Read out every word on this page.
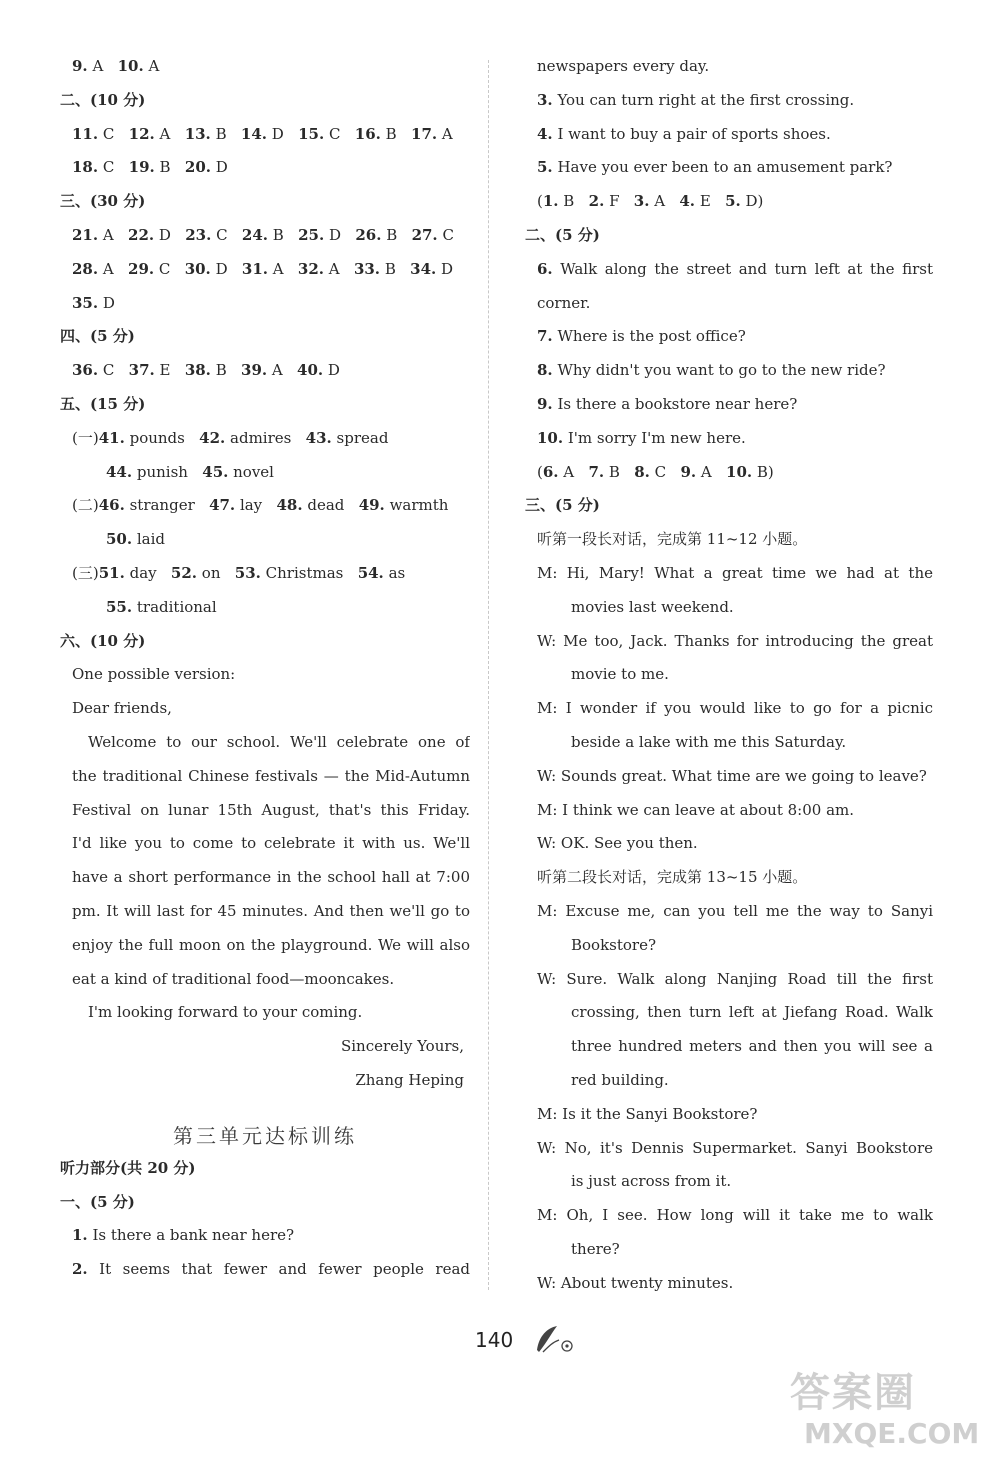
9. A   10. A
二、(10 分)
11. C   12. A   13. B   14. D   15. C   16. B   17. A
18. C   19. B   20. D
三、(30 分)
21. A   22. D   23. C   24. B   25. D   26. B   27. C
28. A   29. C   30. D   31. A   32. A   33. B   34. D
35. D
四、(5 分)
36. C   37. E   38. B   39. A   40. D
五、(15 分)
(一)41. pounds   42. admires   43. spread
44. punish   45. novel
(二)46. stranger   47. lay   48. dead   49. warmth
50. laid
(三)51. day   52. on   53. Christmas   54. as
55. traditional
六、(10 分)
One possible version:
Dear friends,
Welcome to our school. We'll celebrate one of
the traditional Chinese festivals — the Mid-Autumn
Festival on lunar 15th August, that's this Friday.
I'd like you to come to celebrate it with us. We'll
have a short performance in the school hall at 7:00
pm. It will last for 45 minutes. And then we'll go to
enjoy the full moon on the playground. We will also
eat a kind of traditional food—mooncakes.
I'm looking forward to your coming.
Sincerely Yours,
Zhang Heping
第三单元达标训练
听力部分(共 20 分)
一、(5 分)
1. Is there a bank near here?
2. It seems that fewer and fewer people read
newspapers every day.
3. You can turn right at the first crossing.
4. I want to buy a pair of sports shoes.
5. Have you ever been to an amusement park?
(1. B   2. F   3. A   4. E   5. D)
二、(5 分)
6. Walk along the street and turn left at the first
corner.
7. Where is the post office?
8. Why didn't you want to go to the new ride?
9. Is there a bookstore near here?
10. I'm sorry I'm new here.
(6. A   7. B   8. C   9. A   10. B)
三、(5 分)
听第一段长对话，完成第 11~12 小题。
M: Hi, Mary! What a great time we had at the
movies last weekend.
W: Me too, Jack. Thanks for introducing the great
movie to me.
M: I wonder if you would like to go for a picnic
beside a lake with me this Saturday.
W: Sounds great. What time are we going to leave?
M: I think we can leave at about 8:00 am.
W: OK. See you then.
听第二段长对话，完成第 13~15 小题。
M: Excuse me, can you tell me the way to Sanyi
Bookstore?
W: Sure. Walk along Nanjing Road till the first
crossing, then turn left at Jiefang Road. Walk
three hundred meters and then you will see a
red building.
M: Is it the Sanyi Bookstore?
W: No, it's Dennis Supermarket. Sanyi Bookstore
is just across from it.
M: Oh, I see. How long will it take me to walk
there?
W: About twenty minutes.
140
答案圈
MXQE.COM
